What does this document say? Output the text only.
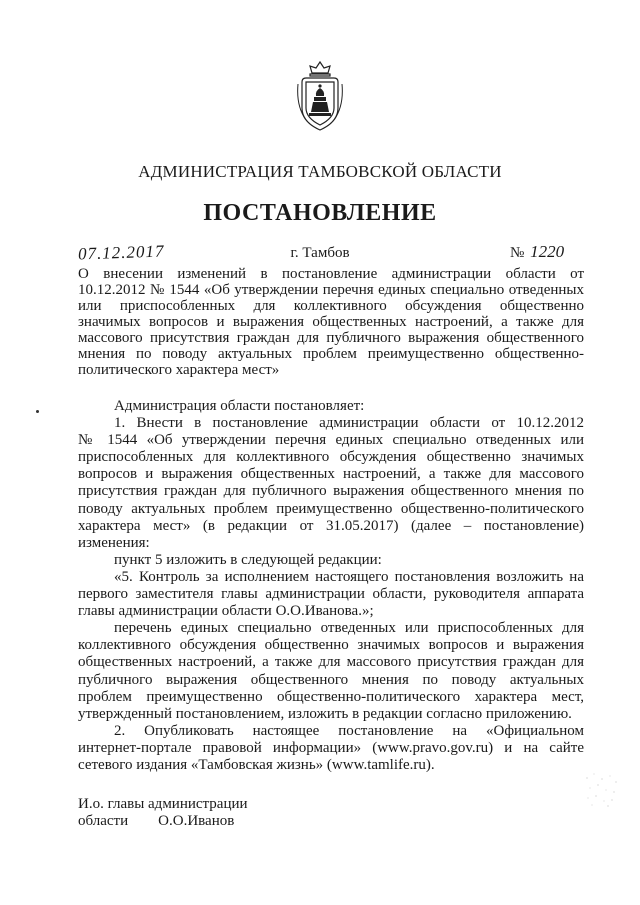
АДМИНИСТРАЦИЯ ТАМБОВСКОЙ ОБЛАСТИ
ПОСТАНОВЛЕНИЕ
07.12.2017	г. Тамбов	№ 1220
О внесении изменений в постановление администрации области от
10.12.2012 № 1544 «Об утверждении перечня единых специально отведенных
или приспособленных для коллективного обсуждения общественно
значимых вопросов и выражения общественных настроений, а также для
массового присутствия граждан для публичного выражения общественного
мнения по поводу актуальных проблем преимущественно общественно-
политического характера мест»
Администрация области постановляет:
1. Внести в постановление администрации области от 10.12.2012
№ 1544 «Об утверждении перечня единых специально отведенных или
приспособленных для коллективного обсуждения общественно значимых
вопросов и выражения общественных настроений, а также для массового
присутствия граждан для публичного выражения общественного мнения по
поводу актуальных проблем преимущественно общественно-политического
характера мест» (в редакции от 31.05.2017) (далее – постановление)
изменения:
пункт 5 изложить в следующей редакции:
«5. Контроль за исполнением настоящего постановления возложить на
первого заместителя главы администрации области, руководителя аппарата
главы администрации области О.О.Иванова.»;
перечень единых специально отведенных или приспособленных для
коллективного обсуждения общественно значимых вопросов и выражения
общественных настроений, а также для массового присутствия граждан для
публичного выражения общественного мнения по поводу актуальных
проблем преимущественно общественно-политического характера мест,
утвержденный постановлением, изложить в редакции согласно приложению.
2. Опубликовать настоящее постановление на «Официальном
интернет-портале правовой информации» (www.pravo.gov.ru) и на сайте
сетевого издания «Тамбовская жизнь» (www.tamlife.ru).
И.о. главы администрации
области О.О.Иванов
